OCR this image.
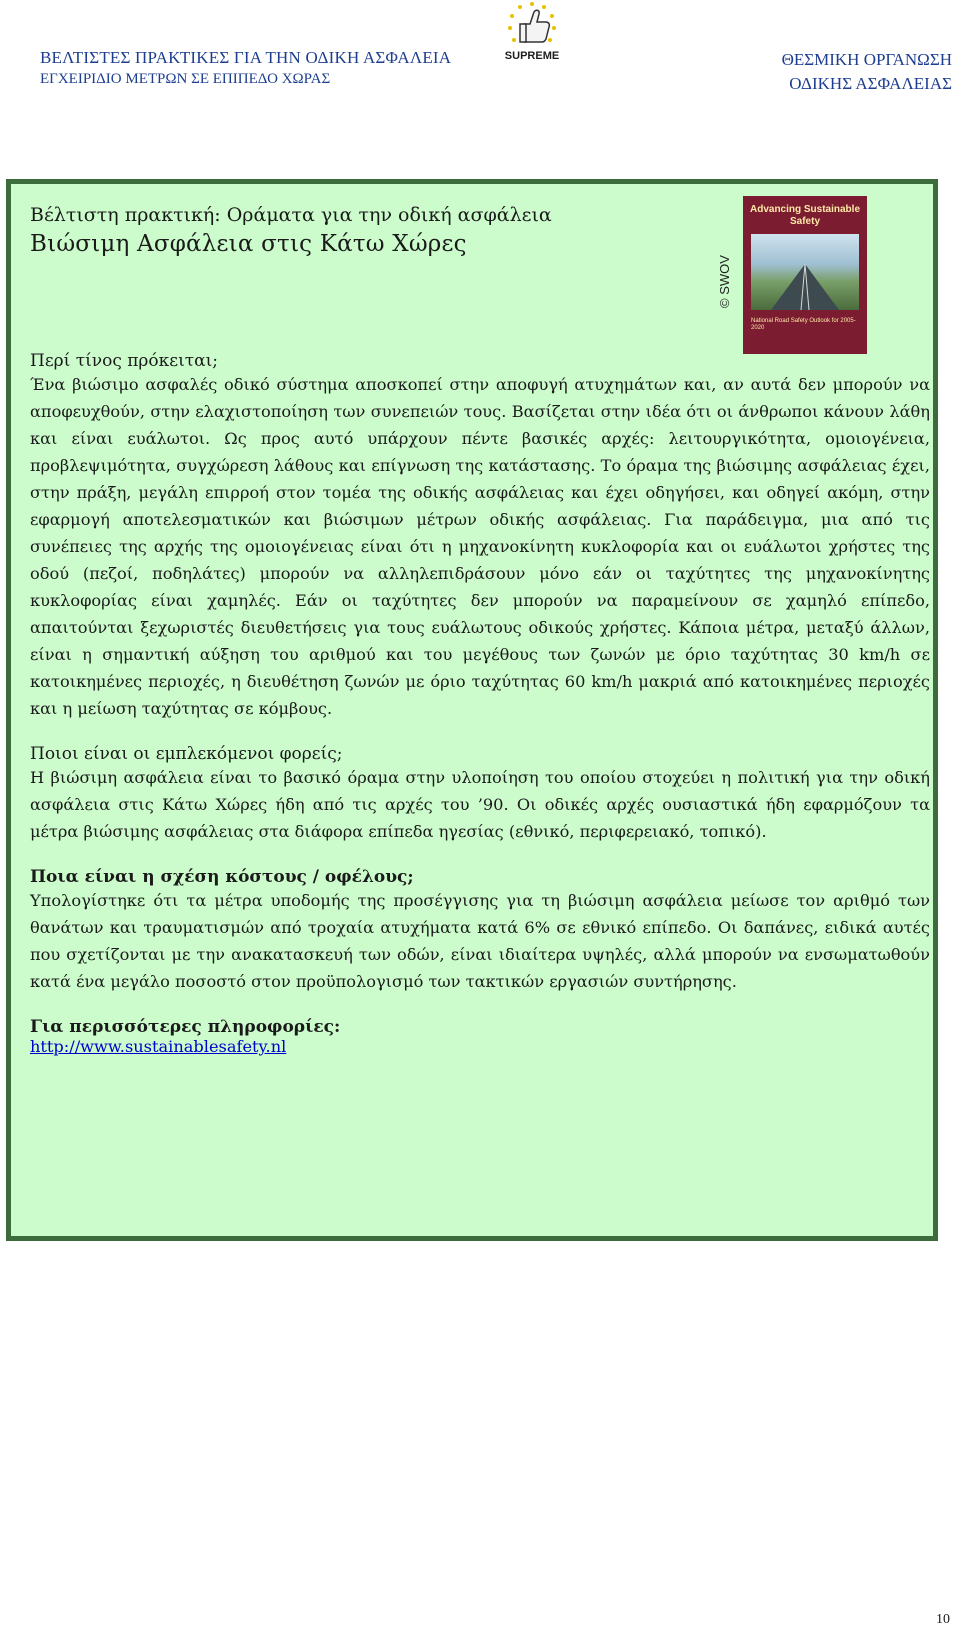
ΒΕΛΤΙΣΤΕΣ ΠΡΑΚΤΙΚΕΣ ΓΙΑ ΤΗΝ ΟΔΙΚΗ ΑΣΦΑΛΕΙΑ
ΕΓΧΕΙΡΙΔΙΟ ΜΕΤΡΩΝ ΣΕ ΕΠΙΠΕΔΟ ΧΩΡΑΣ
SUPREME	ΘΕΣΜΙΚΗ ΟΡΓΑΝΩΣΗ
ΟΔΙΚΗΣ ΑΣΦΑΛΕΙΑΣ
Advancing Sustainable Safety
National Road Safety Outlook for 2005-2020
© SWOV
Βέλτιστη πρακτική: Οράματα για την οδική ασφάλεια
Βιώσιμη Ασφάλεια στις Κάτω Χώρες
Περί τίνος πρόκειται;

Ένα βιώσιμο ασφαλές οδικό σύστημα αποσκοπεί στην αποφυγή ατυχημάτων και, αν αυτά δεν μπορούν να αποφευχθούν, στην ελαχιστοποίηση των συνεπειών τους. Βασίζεται στην ιδέα ότι οι άνθρωποι κάνουν λάθη και είναι ευάλωτοι. Ως προς αυτό υπάρχουν πέντε βασικές αρχές: λειτουργικότητα, ομοιογένεια, προβλεψιμότητα, συγχώρεση λάθους και επίγνωση της κατάστασης. Το όραμα της βιώσιμης ασφάλειας έχει, στην πράξη, μεγάλη επιρροή στον τομέα της οδικής ασφάλειας και έχει οδηγήσει, και οδηγεί ακόμη, στην εφαρμογή αποτελεσματικών και βιώσιμων μέτρων οδικής ασφάλειας. Για παράδειγμα, μια από τις συνέπειες της αρχής της ομοιογένειας είναι ότι η μηχανοκίνητη κυκλοφορία και οι ευάλωτοι χρήστες της οδού (πεζοί, ποδηλάτες) μπορούν να αλληλεπιδράσουν μόνο εάν οι ταχύτητες της μηχανοκίνητης κυκλοφορίας είναι χαμηλές. Εάν οι ταχύτητες δεν μπορούν να παραμείνουν σε χαμηλό επίπεδο, απαιτούνται ξεχωριστές διευθετήσεις για τους ευάλωτους οδικούς χρήστες. Κάποια μέτρα, μεταξύ άλλων, είναι η σημαντική αύξηση του αριθμού και του μεγέθους των ζωνών με όριο ταχύτητας 30 km/h σε κατοικημένες περιοχές, η διευθέτηση ζωνών με όριο ταχύτητας 60 km/h μακριά από κατοικημένες περιοχές και η μείωση ταχύτητας σε κόμβους.

Ποιοι είναι οι εμπλεκόμενοι φορείς;

Η βιώσιμη ασφάλεια είναι το βασικό όραμα στην υλοποίηση του οποίου στοχεύει η πολιτική για την οδική ασφάλεια στις Κάτω Χώρες ήδη από τις αρχές του ’90. Οι οδικές αρχές ουσιαστικά ήδη εφαρμόζουν τα μέτρα βιώσιμης ασφάλειας στα διάφορα επίπεδα ηγεσίας (εθνικό, περιφερειακό, τοπικό).

Ποια είναι η σχέση κόστους / οφέλους;

Υπολογίστηκε ότι τα μέτρα υποδομής της προσέγγισης για τη βιώσιμη ασφάλεια μείωσε τον αριθμό των θανάτων και τραυματισμών από τροχαία ατυχήματα κατά 6% σε εθνικό επίπεδο. Οι δαπάνες, ειδικά αυτές που σχετίζονται με την ανακατασκευή των οδών, είναι ιδιαίτερα υψηλές, αλλά μπορούν να ενσωματωθούν κατά ένα μεγάλο ποσοστό στον προϋπολογισμό των τακτικών εργασιών συντήρησης.

Για περισσότερες πληροφορίες:
http://www.sustainablesafety.nl
10
